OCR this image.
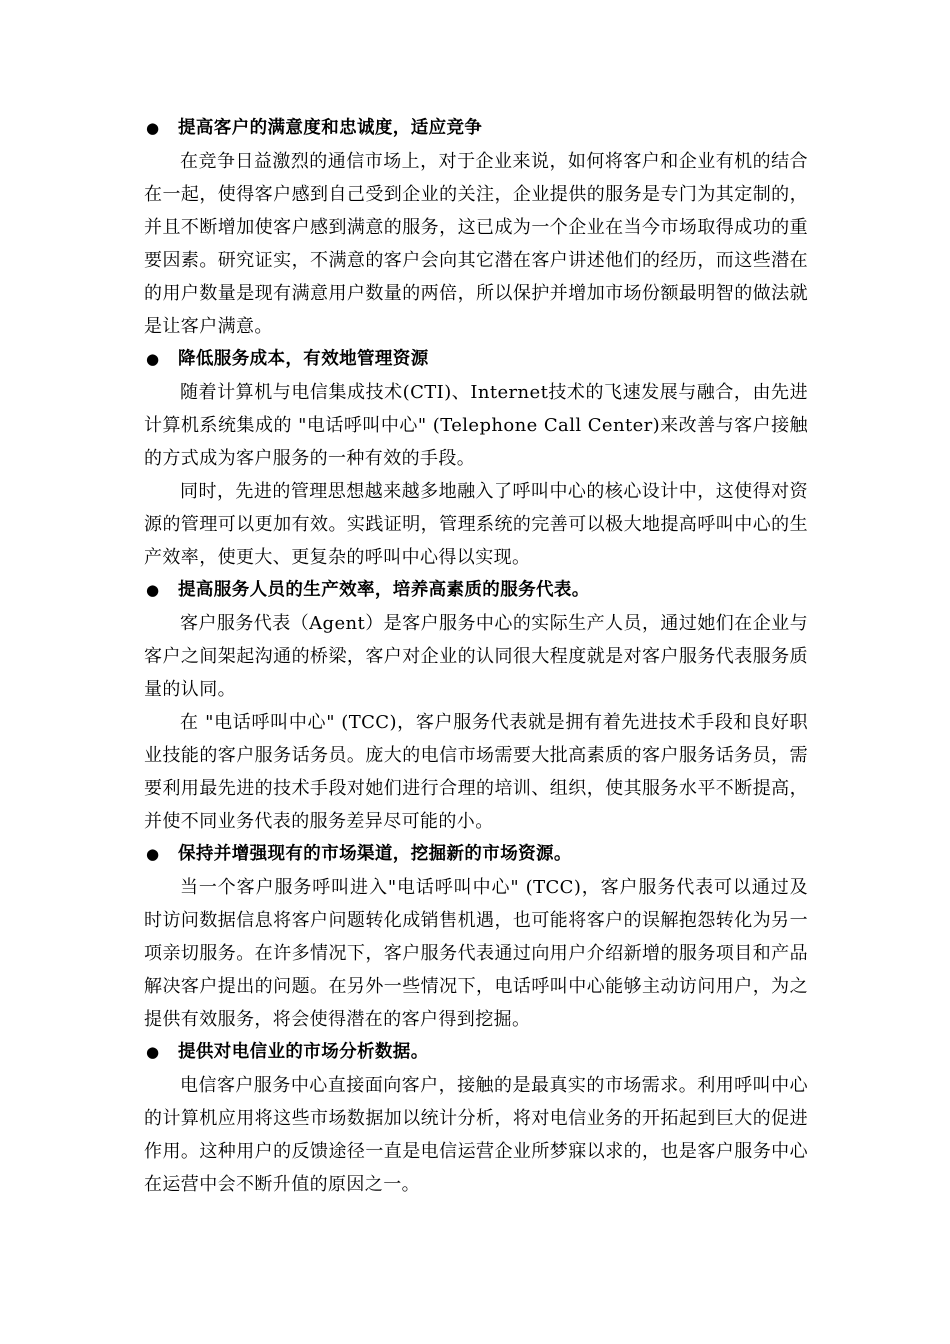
● 提高客户的满意度和忠诚度，适应竞争

在竞争日益激烈的通信市场上，对于企业来说，如何将客户和企业有机的结合在一起，使得客户感到自己受到企业的关注，企业提供的服务是专门为其定制的，并且不断增加使客户感到满意的服务，这已成为一个企业在当今市场取得成功的重要因素。研究证实，不满意的客户会向其它潜在客户讲述他们的经历，而这些潜在的用户数量是现有满意用户数量的两倍，所以保护并增加市场份额最明智的做法就是让客户满意。

● 降低服务成本，有效地管理资源

随着计算机与电信集成技术(CTI)、Internet技术的飞速发展与融合，由先进计算机系统集成的 "电话呼叫中心" (Telephone Call Center)来改善与客户接触的方式成为客户服务的一种有效的手段。

同时，先进的管理思想越来越多地融入了呼叫中心的核心设计中，这使得对资源的管理可以更加有效。实践证明，管理系统的完善可以极大地提高呼叫中心的生产效率，使更大、更复杂的呼叫中心得以实现。

● 提高服务人员的生产效率，培养高素质的服务代表。

客户服务代表（Agent）是客户服务中心的实际生产人员，通过她们在企业与客户之间架起沟通的桥梁，客户对企业的认同很大程度就是对客户服务代表服务质量的认同。

在 "电话呼叫中心" (TCC)，客户服务代表就是拥有着先进技术手段和良好职业技能的客户服务话务员。庞大的电信市场需要大批高素质的客户服务话务员，需要利用最先进的技术手段对她们进行合理的培训、组织，使其服务水平不断提高，并使不同业务代表的服务差异尽可能的小。

● 保持并增强现有的市场渠道，挖掘新的市场资源。

当一个客户服务呼叫进入"电话呼叫中心" (TCC)，客户服务代表可以通过及时访问数据信息将客户问题转化成销售机遇，也可能将客户的误解抱怨转化为另一项亲切服务。在许多情况下，客户服务代表通过向用户介绍新增的服务项目和产品解决客户提出的问题。在另外一些情况下，电话呼叫中心能够主动访问用户，为之提供有效服务，将会使得潜在的客户得到挖掘。

● 提供对电信业的市场分析数据。

电信客户服务中心直接面向客户，接触的是最真实的市场需求。利用呼叫中心的计算机应用将这些市场数据加以统计分析，将对电信业务的开拓起到巨大的促进作用。这种用户的反馈途径一直是电信运营企业所梦寐以求的，也是客户服务中心在运营中会不断升值的原因之一。
